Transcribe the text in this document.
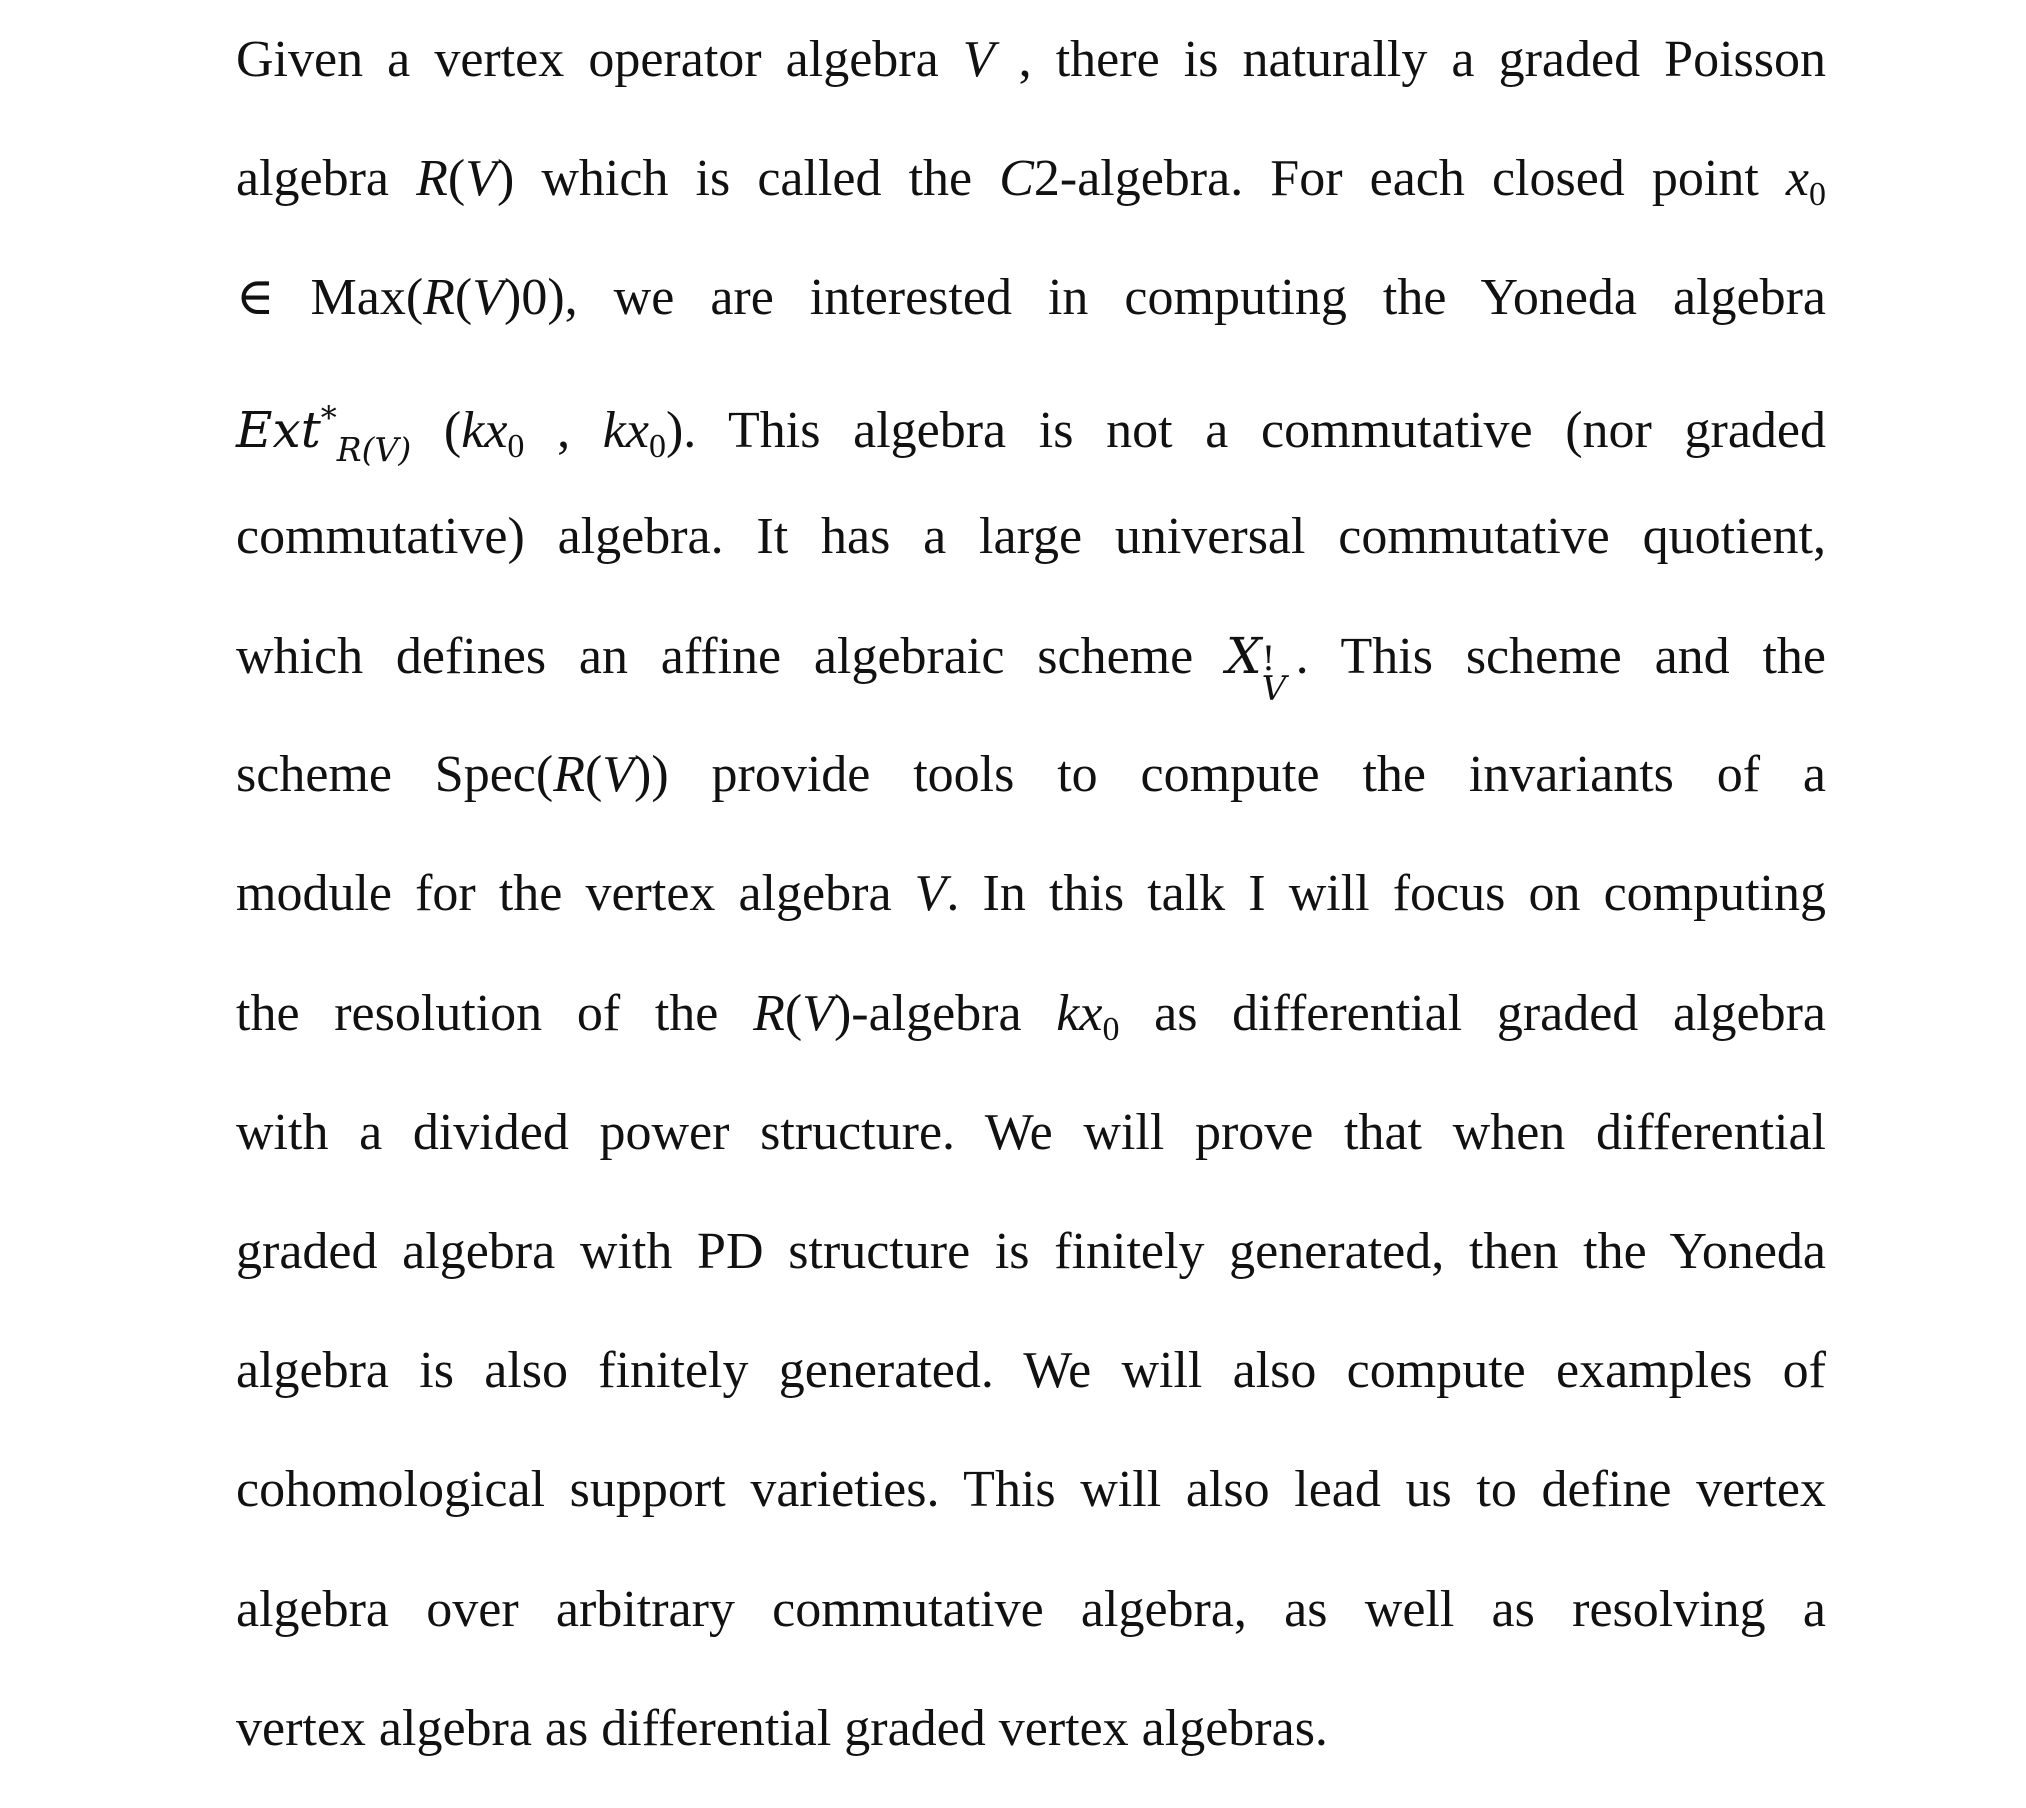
Given a vertex operator algebra V , there is naturally a graded Poisson
algebra R(V) which is called the C2-algebra. For each closed point $x_0$
∈ Max(R(V)0), we are interested in computing the Yoneda algebra
Ext*$_{R(V)}$ ($kx_0$ , $kx_0$). This algebra is not a commutative (nor graded
commutative) algebra. It has a large universal commutative quotient,
which defines an affine algebraic scheme X !
V
. This scheme and the
scheme Spec(R(V)) provide tools to compute the invariants of a
module for the vertex algebra V. In this talk I will focus on computing
the resolution of the R(V)-algebra $kx_0$ as differential graded algebra
with a divided power structure. We will prove that when differential
graded algebra with PD structure is finitely generated, then the Yoneda
algebra is also finitely generated. We will also compute examples of
cohomological support varieties. This will also lead us to define vertex
algebra over arbitrary commutative algebra, as well as resolving a
vertex algebra as differential graded vertex algebras.
